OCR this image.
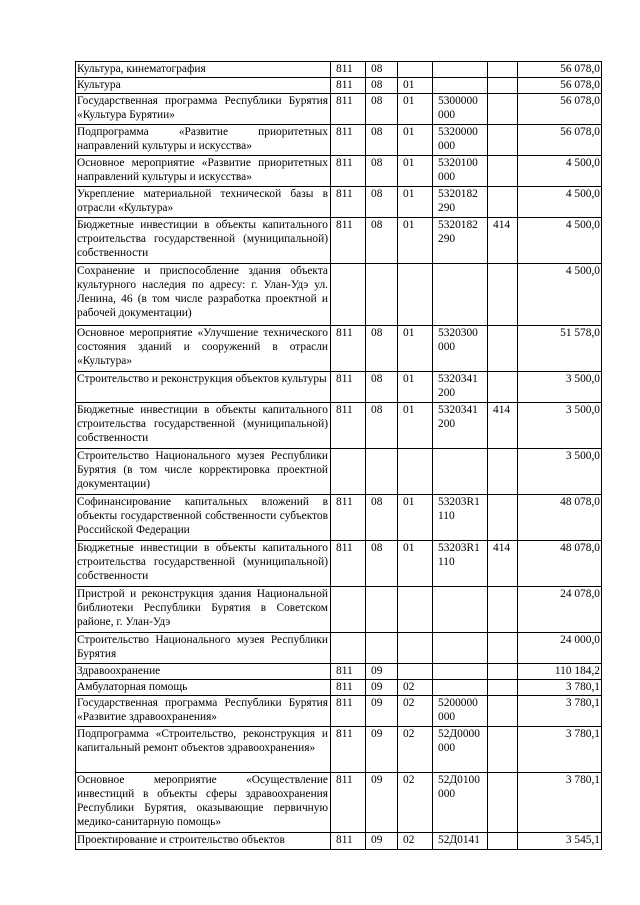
Культура, кинематография	811	08				56 078,0
Культура	811	08	01			56 078,0
Государственная программа Республики Бурятия «Культура Бурятии»	811	08	01	5300000 000		56 078,0
Подпрограмма «Развитие приоритетных направлений культуры и искусства»	811	08	01	5320000 000		56 078,0
Основное мероприятие «Развитие приоритетных направлений культуры и искусства»	811	08	01	5320100 000		4 500,0
Укрепление материальной технической базы в отрасли «Культура»	811	08	01	5320182 290		4 500,0
Бюджетные инвестиции в объекты капитального строительства государственной (муниципальной) собственности	811	08	01	5320182 290	414	4 500,0
Сохранение и приспособление здания объекта культурного наследия по адресу: г. Улан-Удэ ул. Ленина, 46 (в том числе разработка проектной и рабочей документации)						4 500,0
Основное мероприятие «Улучшение технического состояния зданий и сооружений в отрасли «Культура»	811	08	01	5320300 000		51 578,0
Строительство и реконструкция объектов культуры	811	08	01	5320341 200		3 500,0
Бюджетные инвестиции в объекты капитального строительства государственной (муниципальной) собственности	811	08	01	5320341 200	414	3 500,0
Строительство Национального музея Республики Бурятия (в том числе корректировка проектной документации)						3 500,0
Софинансирование капитальных вложений в объекты государственной собственности субъектов Российской Федерации	811	08	01	53203R1 110		48 078,0
Бюджетные инвестиции в объекты капитального строительства государственной (муниципальной) собственности	811	08	01	53203R1 110	414	48 078,0
Пристрой и реконструкция здания Национальной библиотеки Республики Бурятия в Советском районе, г. Улан-Удэ						24 078,0
Строительство Национального музея Республики Бурятия						24 000,0
Здравоохранение	811	09				110 184,2
Амбулаторная помощь	811	09	02			3 780,1
Государственная программа Республики Бурятия «Развитие здравоохранения»	811	09	02	5200000 000		3 780,1
Подпрограмма «Строительство, реконструкция и капитальный ремонт объектов здравоохранения»	811	09	02	52Д0000 000		3 780,1
Основное мероприятие «Осуществление инвестиций в объекты сферы здравоохранения Республики Бурятия, оказывающие первичную медико-санитарную помощь»	811	09	02	52Д0100 000		3 780,1
Проектирование и строительство объектов	811	09	02	52Д0141		3 545,1
